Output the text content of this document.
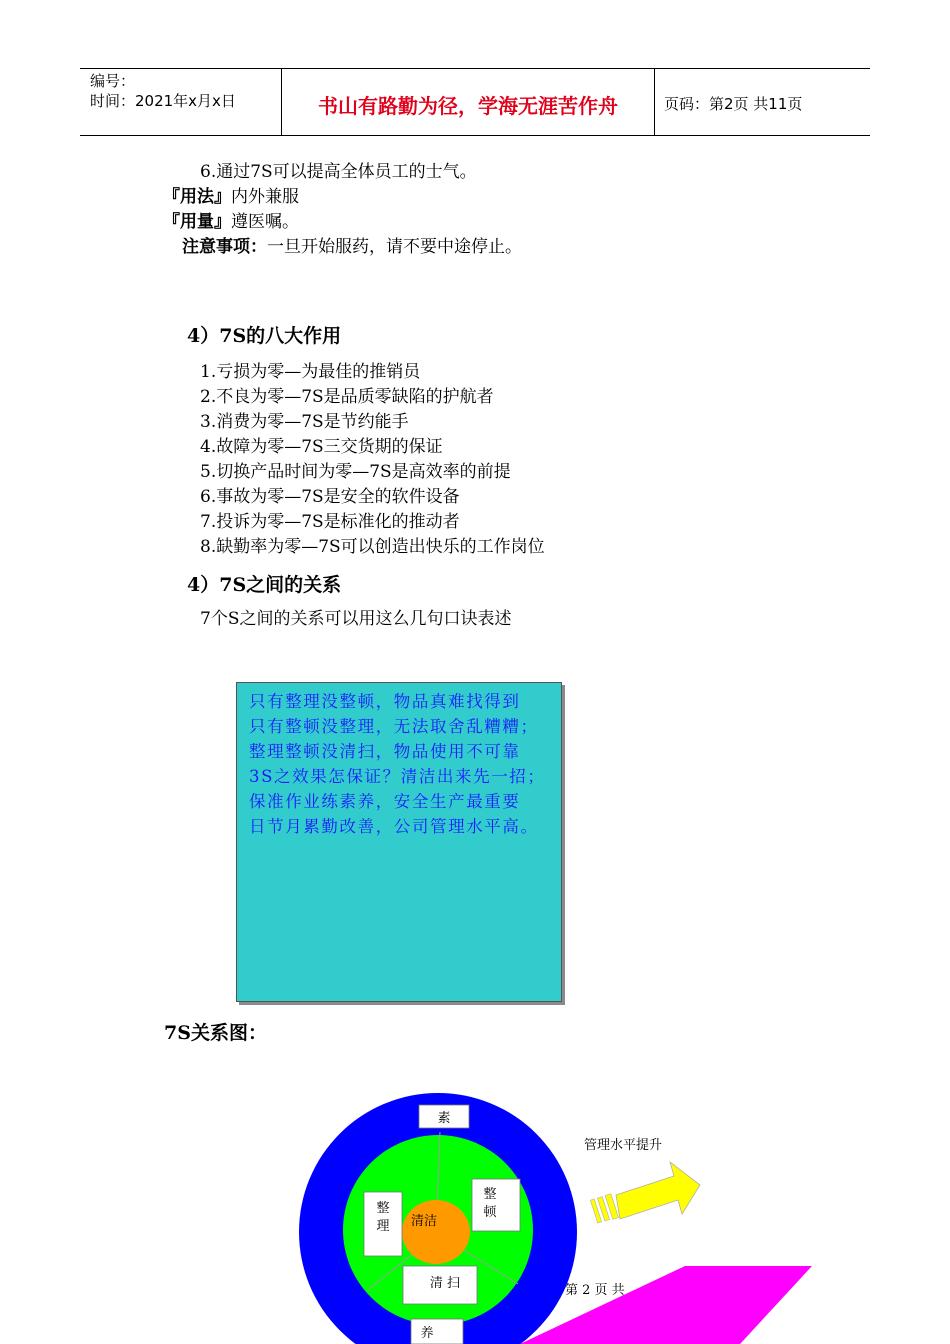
编号：
时间：2021年x月x日	书山有路勤为径，学海无涯苦作舟	页码：第2页 共11页
6.通过7S可以提高全体员工的士气。
『用法』内外兼服
『用量』遵医嘱。
注意事项：一旦开始服药，请不要中途停止。
4）7S的八大作用
1.亏损为零—为最佳的推销员
2.不良为零—7S是品质零缺陷的护航者
3.消费为零—7S是节约能手
4.故障为零—7S三交货期的保证
5.切换产品时间为零—7S是高效率的前提
6.事故为零—7S是安全的软件设备
7.投诉为零—7S是标准化的推动者
8.缺勤率为零—7S可以创造出快乐的工作岗位
4）7S之间的关系
7个S之间的关系可以用这么几句口诀表述
只有整理没整顿，物品真难找得到
只有整顿没整理，无法取舍乱糟糟；
整理整顿没清扫，物品使用不可靠
3S之效果怎保证？清洁出来先一招；
保准作业练素养，安全生产最重要
日节月累勤改善，公司管理水平高。
7S关系图：
素
整
理
整
顿
清洁
清 扫
养
管理水平提升
第 2 页 共
